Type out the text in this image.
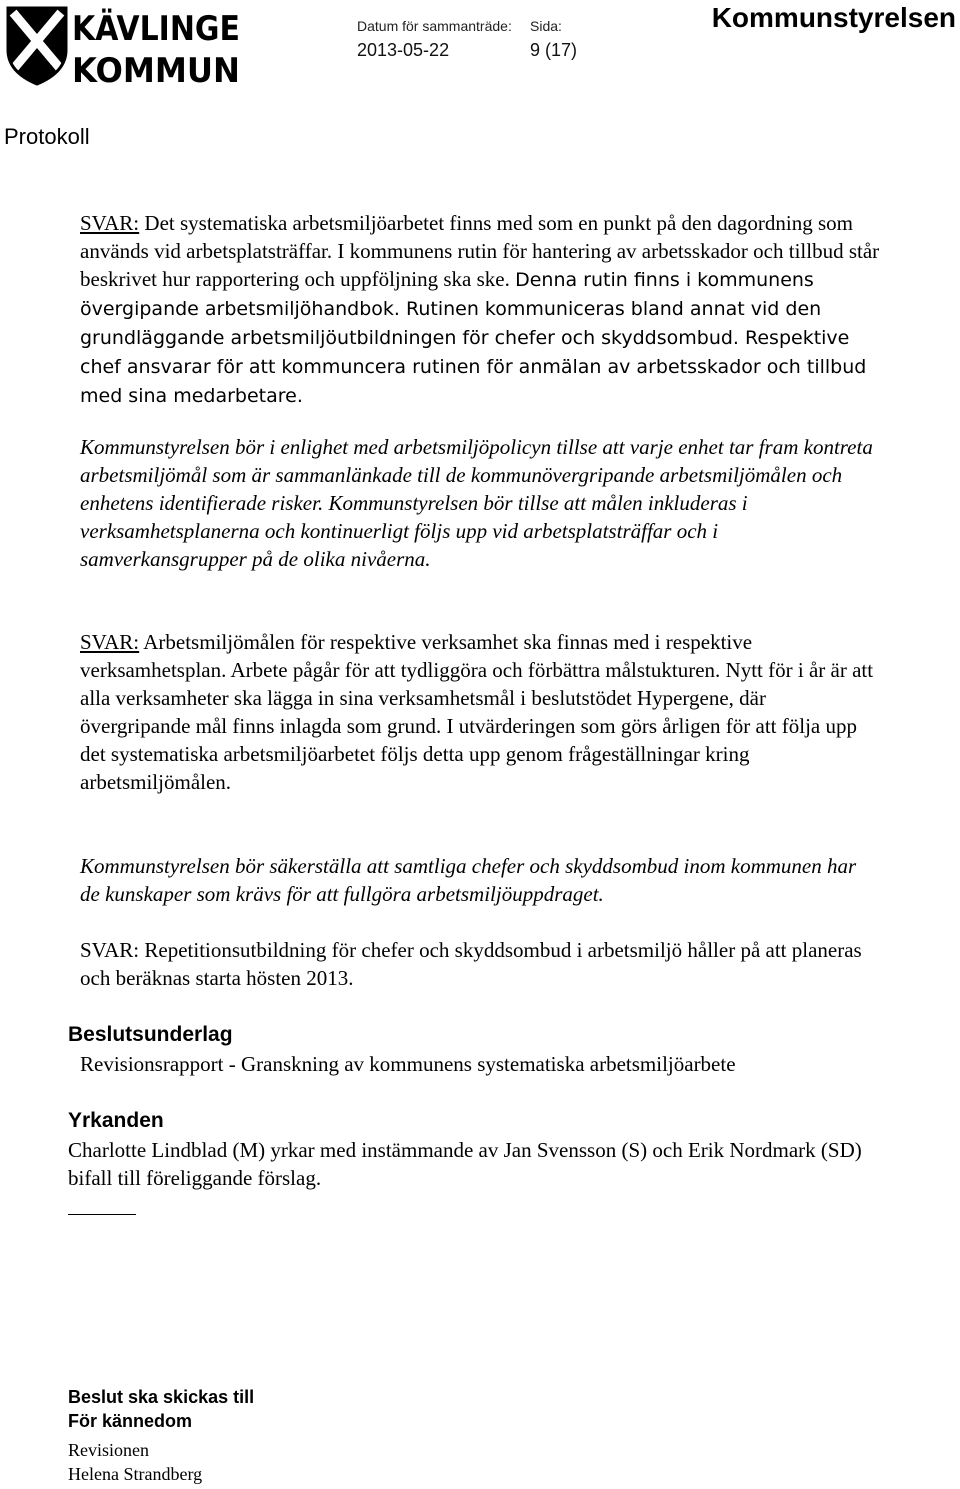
KÄVLINGE
KOMMUN
Datum för sammanträde:
2013-05-22
Sida:
9 (17)
Kommunstyrelsen
Protokoll

SVAR: Det systematiska arbetsmiljöarbetet finns med som en punkt på den dagordning som används vid arbetsplatsträffar. I kommunens rutin för hantering av arbetsskador och tillbud står beskrivet hur rapportering och uppföljning ska ske. Denna rutin finns i kommunens övergipande arbetsmiljöhandbok. Rutinen kommuniceras bland annat vid den grundläggande arbetsmiljöutbildningen för chefer och skyddsombud. Respektive chef ansvarar för att kommuncera rutinen för anmälan av arbetsskador och tillbud med sina medarbetare.

Kommunstyrelsen bör i enlighet med arbetsmiljöpolicyn tillse att varje enhet tar fram kontreta arbetsmiljömål som är sammanlänkade till de kommunövergripande arbetsmiljömålen och enhetens identifierade risker. Kommunstyrelsen bör tillse att målen inkluderas i verksamhetsplanerna och kontinuerligt följs upp vid arbetsplatsträffar och i samverkansgrupper på de olika nivåerna.

SVAR: Arbetsmiljömålen för respektive verksamhet ska finnas med i respektive verksamhetsplan. Arbete pågår för att tydliggöra och förbättra målstukturen. Nytt för i år är att alla verksamheter ska lägga in sina verksamhetsmål i beslutstödet Hypergene, där övergripande mål finns inlagda som grund. I utvärderingen som görs årligen för att följa upp det systematiska arbetsmiljöarbetet följs detta upp genom frågeställningar kring arbetsmiljömålen.

Kommunstyrelsen bör säkerställa att samtliga chefer och skyddsombud inom kommunen har de kunskaper som krävs för att fullgöra arbetsmiljöuppdraget.

SVAR: Repetitionsutbildning för chefer och skyddsombud i arbetsmiljö håller på att planeras och beräknas starta hösten 2013.

Beslutsunderlag

Revisionsrapport - Granskning av kommunens systematiska arbetsmiljöarbete

Yrkanden

Charlotte Lindblad (M) yrkar med instämmande av Jan Svensson (S) och Erik Nordmark (SD) bifall till föreliggande förslag.

Beslut ska skickas till
För kännedom
Revisionen
Helena Strandberg
